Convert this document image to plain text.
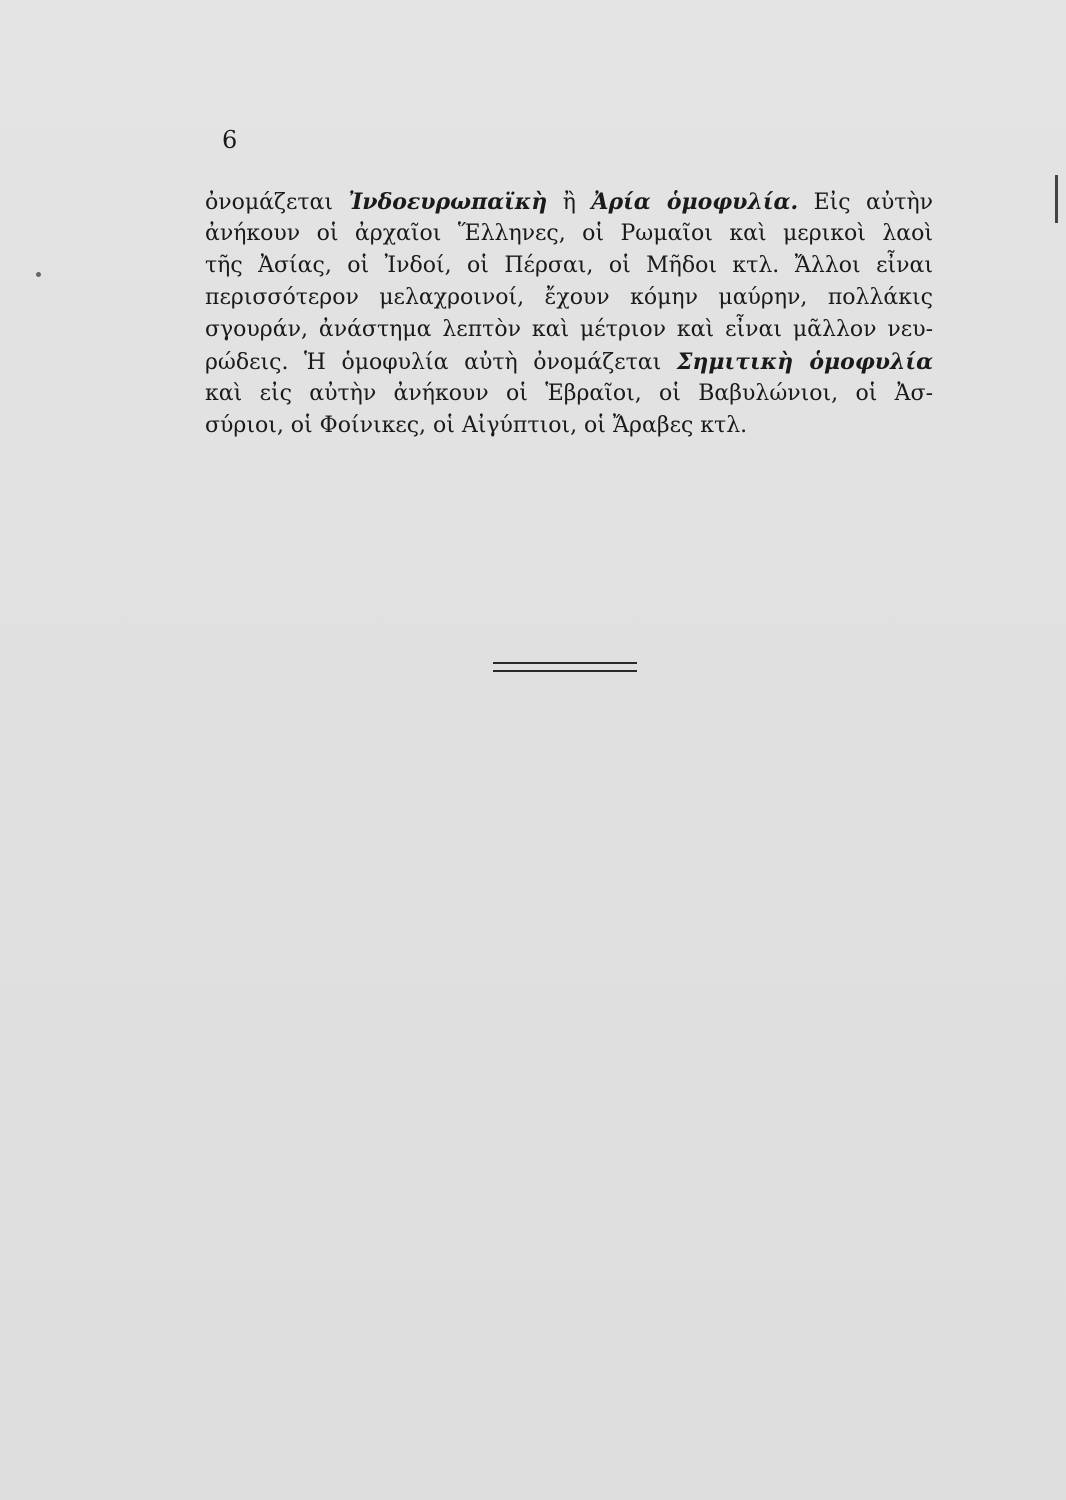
6
ὀνομάζεται Ἰνδοευρωπαϊκὴ ἢ Ἀρία ὁμοφυλία. Εἰς αὐτὴν
ἀνήκουν οἱ ἀρχαῖοι Ἕλληνες, οἱ Ρωμαῖοι καὶ μερικοὶ λαοὶ
τῆς Ἀσίας, οἱ Ἰνδοί, οἱ Πέρσαι, οἱ Μῆδοι κτλ. Ἄλλοι εἶναι
περισσότερον μελαχροινοί, ἔχουν κόμην μαύρην, πολλάκις
σγουράν, ἀνάστημα λεπτὸν καὶ μέτριον καὶ εἶναι μᾶλλον νευ-
ρώδεις. Ἡ ὁμοφυλία αὐτὴ ὀνομάζεται Σημιτικὴ ὁμοφυλία
καὶ εἰς αὐτὴν ἀνήκουν οἱ Ἑβραῖοι, οἱ Βαβυλώνιοι, οἱ Ἀσ-
σύριοι, οἱ Φοίνικες, οἱ Αἰγύπτιοι, οἱ Ἄραβες κτλ.
